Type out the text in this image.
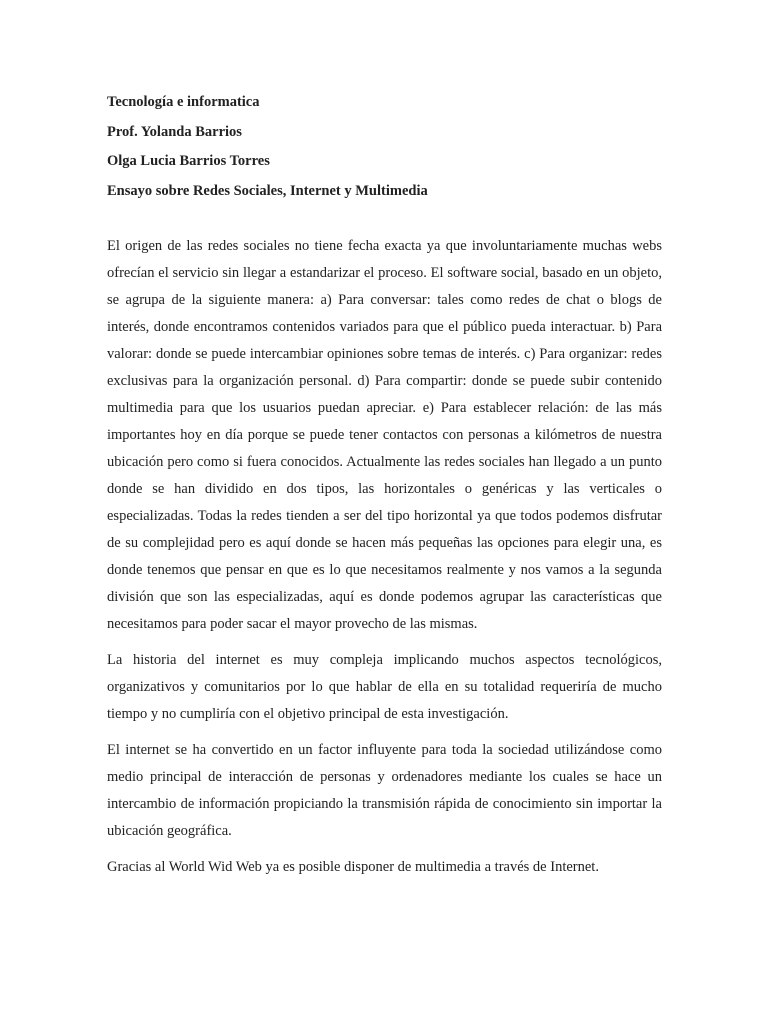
Tecnología e informatica
Prof. Yolanda Barrios
Olga Lucia Barrios Torres
Ensayo sobre Redes Sociales, Internet y Multimedia

El origen de las redes sociales no tiene fecha exacta ya que involuntariamente muchas webs ofrecían el servicio sin llegar a estandarizar el proceso. El software social, basado en un objeto, se agrupa de la siguiente manera: a) Para conversar: tales como redes de chat o blogs de interés, donde encontramos contenidos variados para que el público pueda interactuar. b) Para valorar: donde se puede intercambiar opiniones sobre temas de interés. c) Para organizar: redes exclusivas para la organización personal. d) Para compartir: donde se puede subir contenido multimedia para que los usuarios puedan apreciar. e) Para establecer relación: de las más importantes hoy en día porque se puede tener contactos con personas a kilómetros de nuestra ubicación pero como si fuera conocidos. Actualmente las redes sociales han llegado a un punto donde se han dividido en dos tipos, las horizontales o genéricas y las verticales o especializadas. Todas la redes tienden a ser del tipo horizontal ya que todos podemos disfrutar de su complejidad pero es aquí donde se hacen más pequeñas las opciones para elegir una, es donde tenemos que pensar en que es lo que necesitamos realmente y nos vamos a la segunda división que son las especializadas, aquí es donde podemos agrupar las características que necesitamos para poder sacar el mayor provecho de las mismas.

La historia del internet es muy compleja implicando muchos aspectos tecnológicos, organizativos y comunitarios por lo que hablar de ella en su totalidad requeriría de mucho tiempo y no cumpliría con el objetivo principal de esta investigación.

El internet se ha convertido en un factor influyente para toda la sociedad utilizándose como medio principal de interacción de personas y ordenadores mediante los cuales se hace un intercambio de información propiciando la transmisión rápida de conocimiento sin importar la ubicación geográfica.

Gracias al World Wid Web ya es posible disponer de multimedia a través de Internet.
